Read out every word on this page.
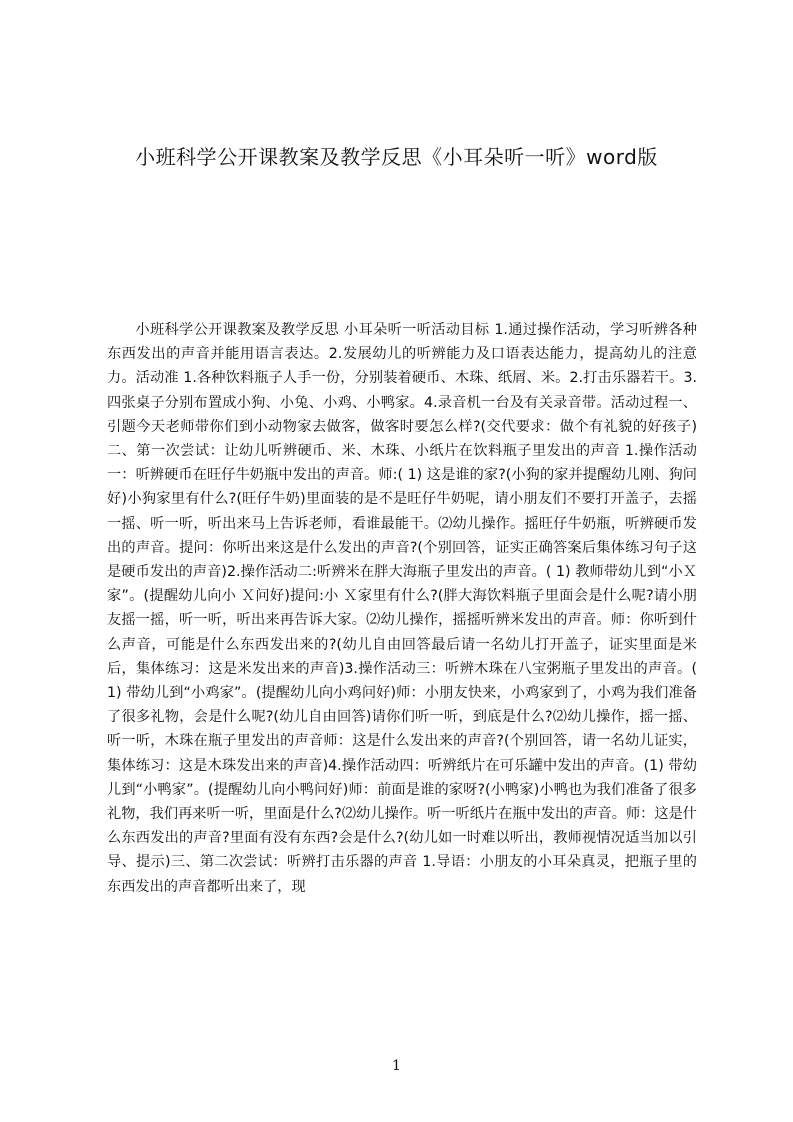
小班科学公开课教案及教学反思《小耳朵听一听》word版

小班科学公开课教案及教学反思 小耳朵听一听活动目标 1.通过操作活动，学习听辨各种东西发出的声音并能用语言表达。2.发展幼儿的听辨能力及口语表达能力，提高幼儿的注意力。活动准 1.各种饮料瓶子人手一份，分别装着硬币、木珠、纸屑、米。2.打击乐器若干。3.四张桌子分别布置成小狗、小兔、小鸡、小鸭家。4.录音机一台及有关录音带。活动过程一、引题今天老师带你们到小动物家去做客，做客时要怎么样?(交代要求：做个有礼貌的好孩子)二、第一次尝试：让幼儿听辨硬币、米、木珠、小纸片在饮料瓶子里发出的声音 1.操作活动一：听辨硬币在旺仔牛奶瓶中发出的声音。师:( 1) 这是谁的家?(小狗的家并提醒幼儿刚、狗问好)小狗家里有什么?(旺仔牛奶)里面装的是不是旺仔牛奶呢，请小朋友们不要打开盖子，去摇一摇、听一听，听出来马上告诉老师，看谁最能干。⑵幼儿操作。摇旺仔牛奶瓶，听辨硬币发出的声音。提问：你听出来这是什么发出的声音?(个别回答，证实正确答案后集体练习句子这是硬币发出的声音)2.操作活动二:听辨米在胖大海瓶子里发出的声音。( 1) 教师带幼儿到“小Ｘ家”。(提醒幼儿向小 Ｘ问好)提问:小 Ｘ家里有什么?(胖大海饮料瓶子里面会是什么呢?请小朋友摇一摇，听一听，听出来再告诉大家。⑵幼儿操作，摇摇听辨米发出的声音。师：你听到什么声音，可能是什么东西发出来的?(幼儿自由回答最后请一名幼儿打开盖子，证实里面是米后，集体练习：这是米发出来的声音)3.操作活动三：听辨木珠在八宝粥瓶子里发出的声音。( 1) 带幼儿到“小鸡家”。(提醒幼儿向小鸡问好)师：小朋友快来，小鸡家到了，小鸡为我们准备了很多礼物，会是什么呢?(幼儿自由回答)请你们听一听，到底是什么?⑵幼儿操作，摇一摇、听一听，木珠在瓶子里发出的声音师：这是什么发出来的声音?(个别回答，请一名幼儿证实，集体练习：这是木珠发出来的声音)4.操作活动四：听辨纸片在可乐罐中发出的声音。(1) 带幼儿到“小鸭家”。(提醒幼儿向小鸭问好)师：前面是谁的家呀?(小鸭家)小鸭也为我们准备了很多礼物，我们再来听一听，里面是什么?⑵幼儿操作。听一听纸片在瓶中发出的声音。师：这是什么东西发出的声音?里面有没有东西?会是什么?(幼儿如一时难以听出，教师视情况适当加以引导、提示)三、第二次尝试：听辨打击乐器的声音 1.导语：小朋友的小耳朵真灵，把瓶子里的东西发出的声音都听出来了，现

1
